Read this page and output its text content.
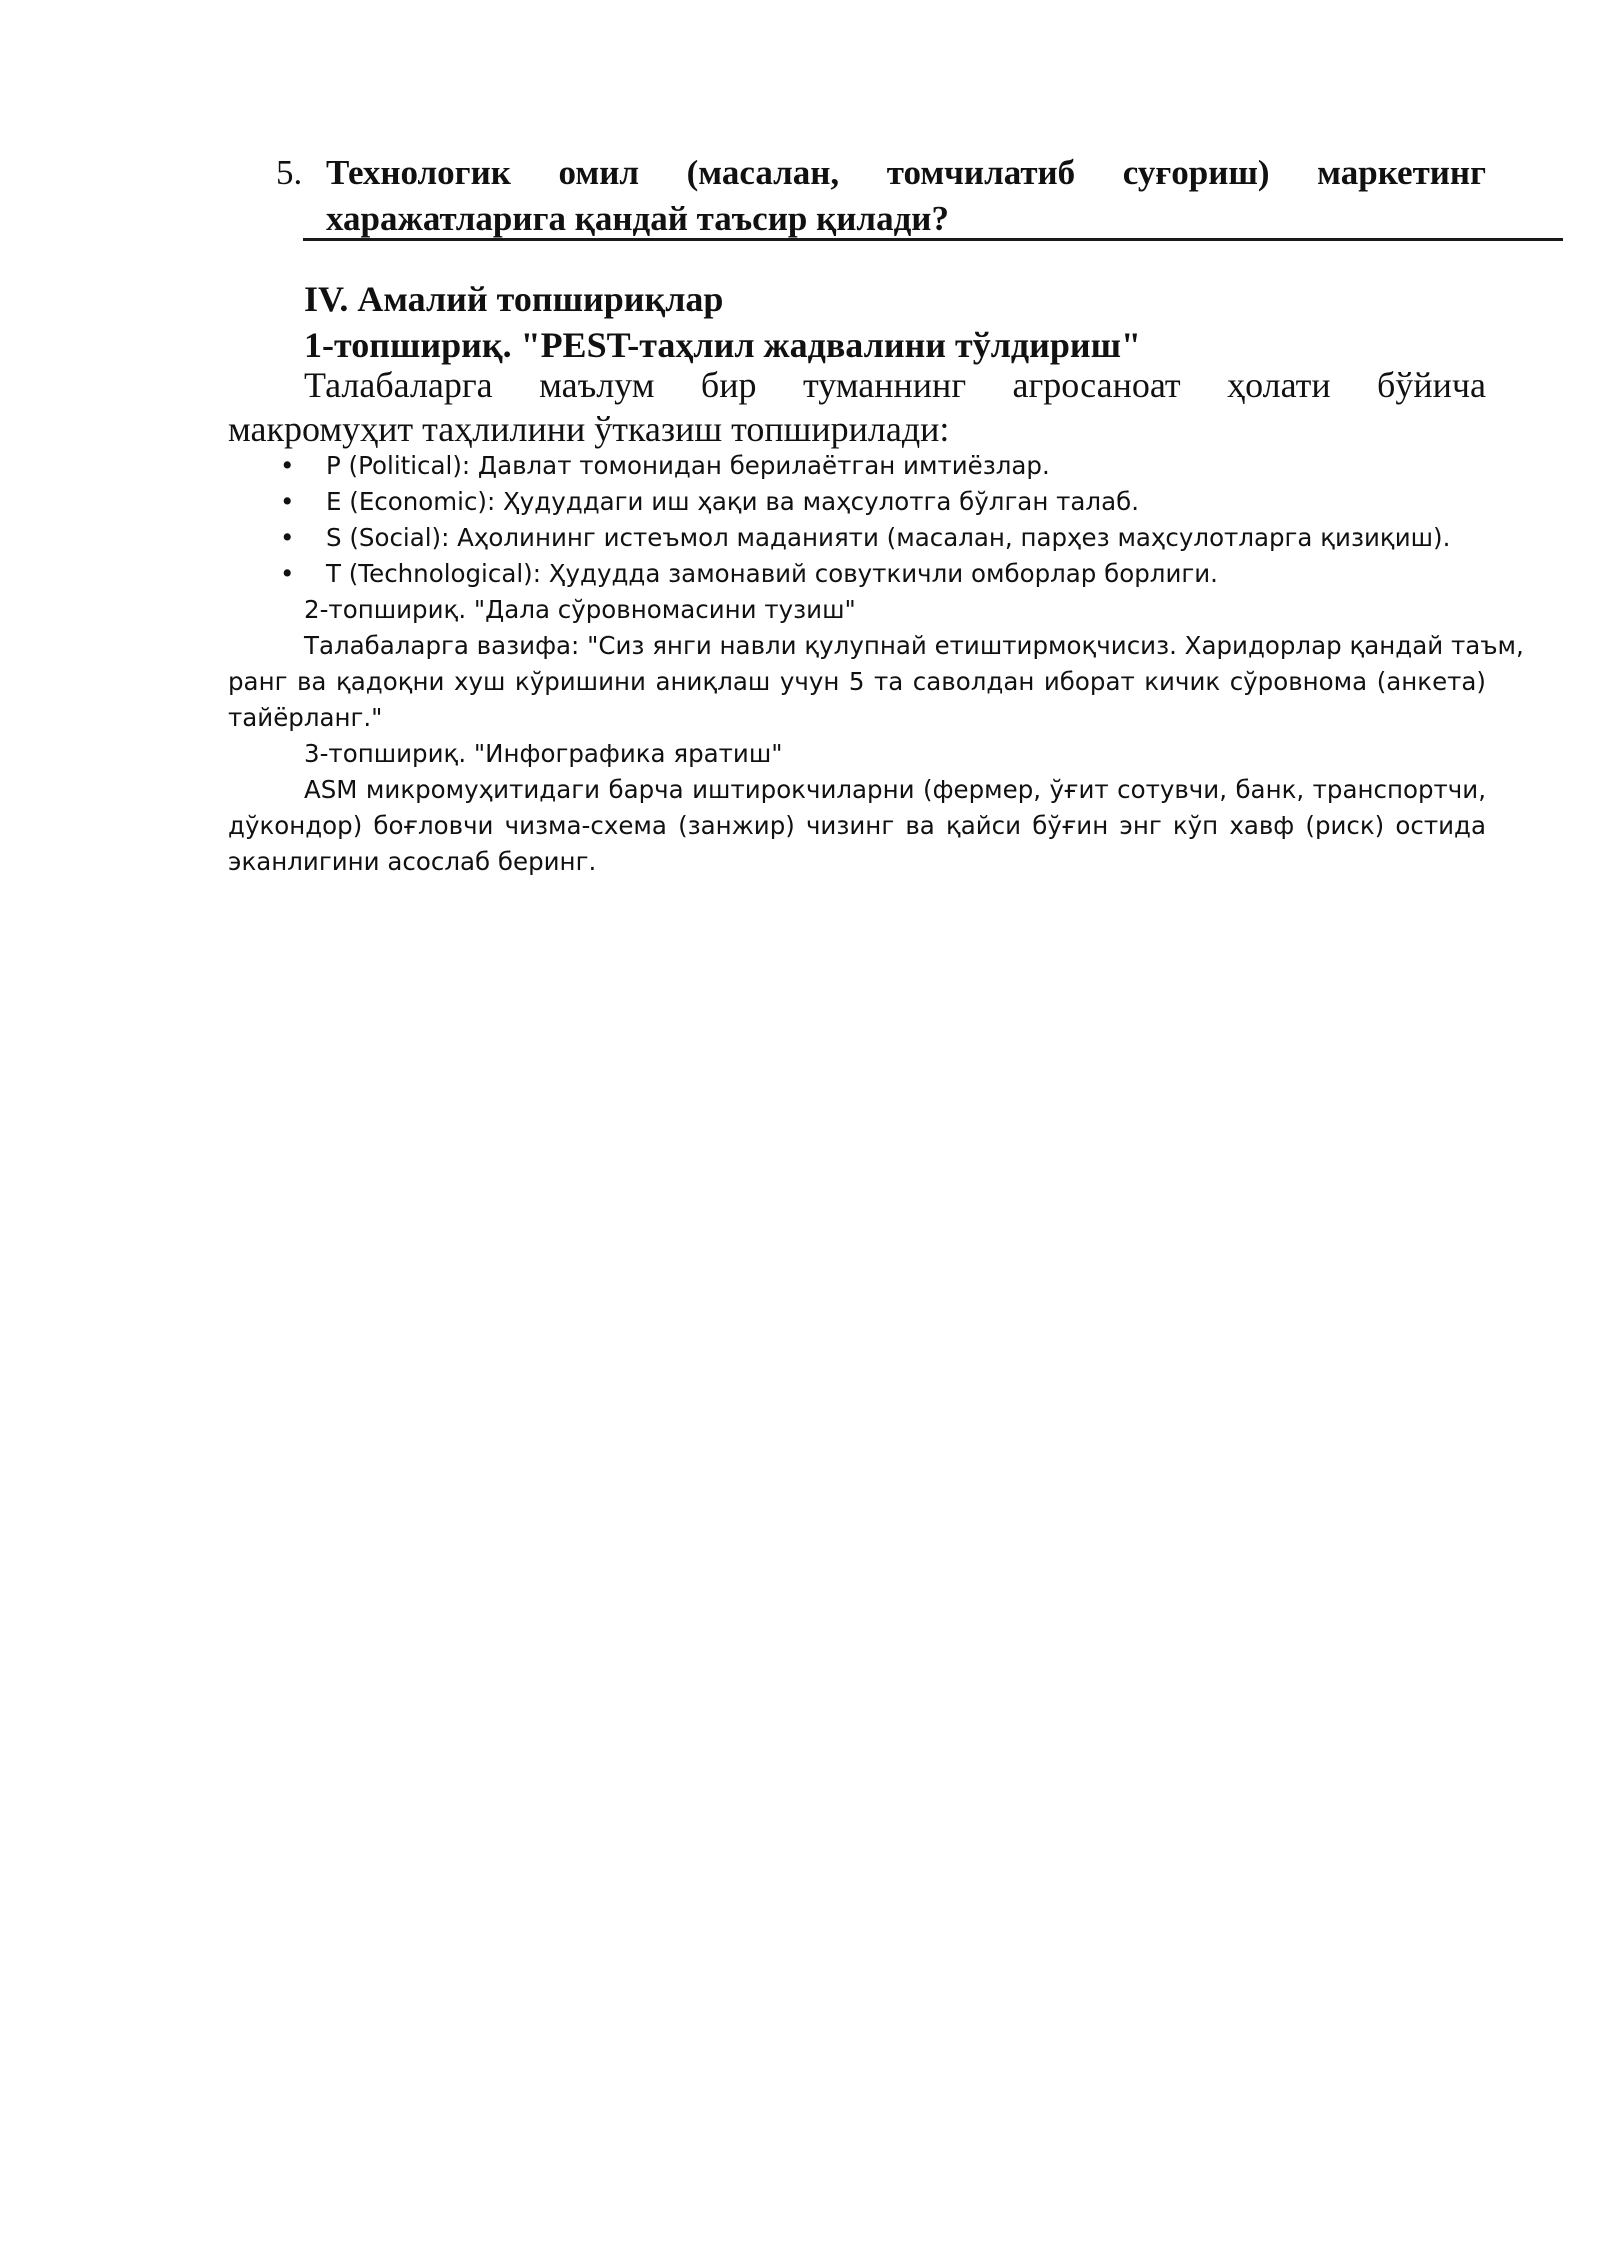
5. Технологик омил (масалан, томчилатиб суғориш) маркетинг
харажатларига қандай таъсир қилади?
IV. Амалий топшириқлар
1-топшириқ. "PEST-таҳлил жадвалини тўлдириш"
Талабаларга маълум бир туманнинг агросаноат ҳолати бўйича
макромуҳит таҳлилини ўтказиш топширилади:
• P (Political): Давлат томонидан берилаётган имтиёзлар.
• E (Economic): Ҳудуддаги иш ҳақи ва маҳсулотга бўлган талаб.
• S (Social): Аҳолининг истеъмол маданияти (масалан, парҳез маҳсулотларга қизиқиш).
• T (Technological): Ҳудудда замонавий совуткичли омборлар борлиги.
2-топшириқ. "Дала сўровномасини тузиш"
Талабаларга вазифа: "Сиз янги навли қулупнай етиштирмоқчисиз. Харидорлар қандай таъм,
ранг ва қадоқни хуш кўришини аниқлаш учун 5 та саволдан иборат кичик сўровнома (анкета)
тайёрланг."
3-топшириқ. "Инфографика яратиш"
ASM микромуҳитидаги барча иштирокчиларни (фермер, ўғит сотувчи, банк, транспортчи,
дўкондор) боғловчи чизма-схема (занжир) чизинг ва қайси бўғин энг кўп хавф (риск) остида
эканлигини асослаб беринг.
